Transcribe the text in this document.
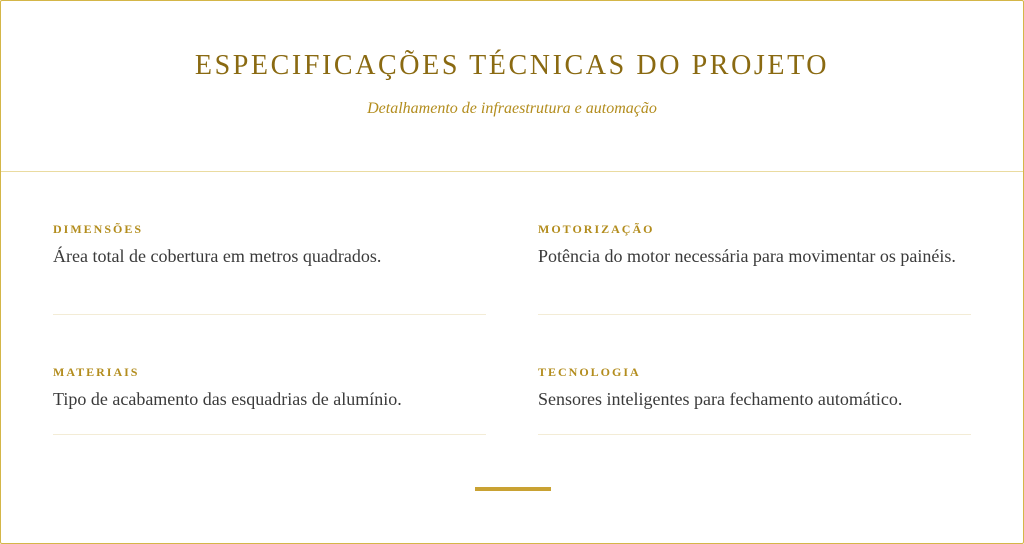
ESPECIFICAÇÕES TÉCNICAS DO PROJETO

Detalhamento de infraestrutura e automação

DIMENSÕES

Área total de cobertura em metros quadrados.

MOTORIZAÇÃO

Potência do motor necessária para movimentar os painéis.

MATERIAIS

Tipo de acabamento das esquadrias de alumínio.

TECNOLOGIA

Sensores inteligentes para fechamento automático.
